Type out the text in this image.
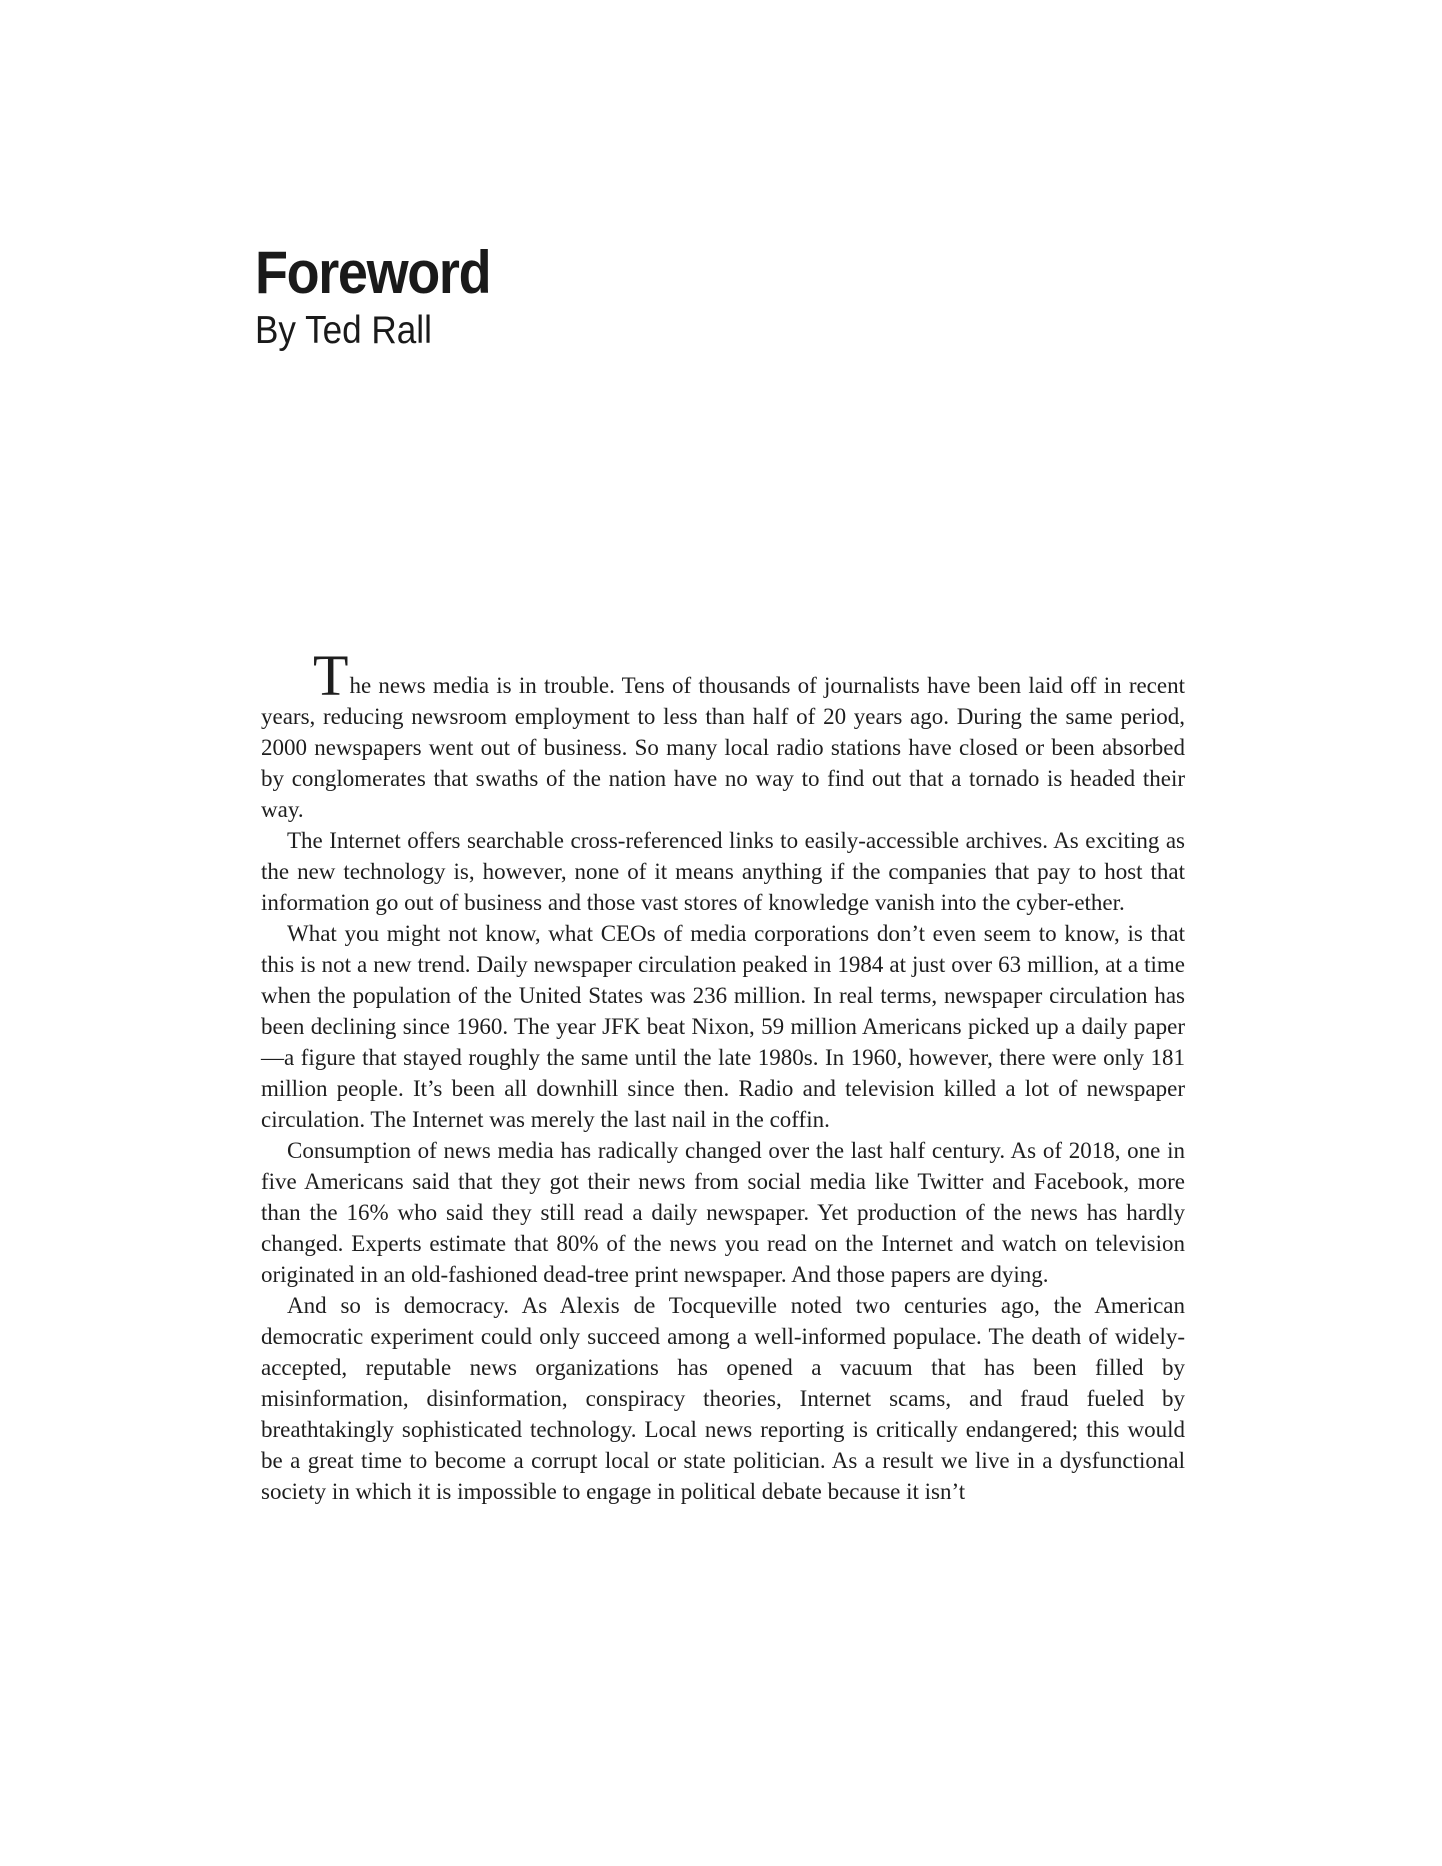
Foreword
By Ted Rall

The news media is in trouble. Tens of thousands of journalists have been laid off in recent years, reducing newsroom employment to less than half of 20 years ago. During the same period, 2000 newspapers went out of business. So many local radio stations have closed or been absorbed by conglomerates that swaths of the nation have no way to find out that a tornado is headed their way.

The Internet offers searchable cross-referenced links to easily-accessible archives. As exciting as the new technology is, however, none of it means anything if the companies that pay to host that information go out of business and those vast stores of knowledge vanish into the cyber-ether.

What you might not know, what CEOs of media corporations don’t even seem to know, is that this is not a new trend. Daily newspaper circulation peaked in 1984 at just over 63 million, at a time when the population of the United States was 236 million. In real terms, newspaper circulation has been declining since 1960. The year JFK beat Nixon, 59 million Americans picked up a daily paper—a figure that stayed roughly the same until the late 1980s. In 1960, however, there were only 181 million people. It’s been all downhill since then. Radio and television killed a lot of newspaper circulation. The Internet was merely the last nail in the coffin.

Consumption of news media has radically changed over the last half century. As of 2018, one in five Americans said that they got their news from social media like Twitter and Facebook, more than the 16% who said they still read a daily newspaper. Yet production of the news has hardly changed. Experts estimate that 80% of the news you read on the Internet and watch on television originated in an old-fashioned dead-tree print newspaper. And those papers are dying.

And so is democracy. As Alexis de Tocqueville noted two centuries ago, the American democratic experiment could only succeed among a well-informed populace. The death of widely-accepted, reputable news organizations has opened a vacuum that has been filled by misinformation, disinformation, conspiracy theories, Internet scams, and fraud fueled by breathtakingly sophisticated technology. Local news reporting is critically endangered; this would be a great time to become a corrupt local or state politician. As a result we live in a dysfunctional society in which it is impossible to engage in political debate because it isn’t
